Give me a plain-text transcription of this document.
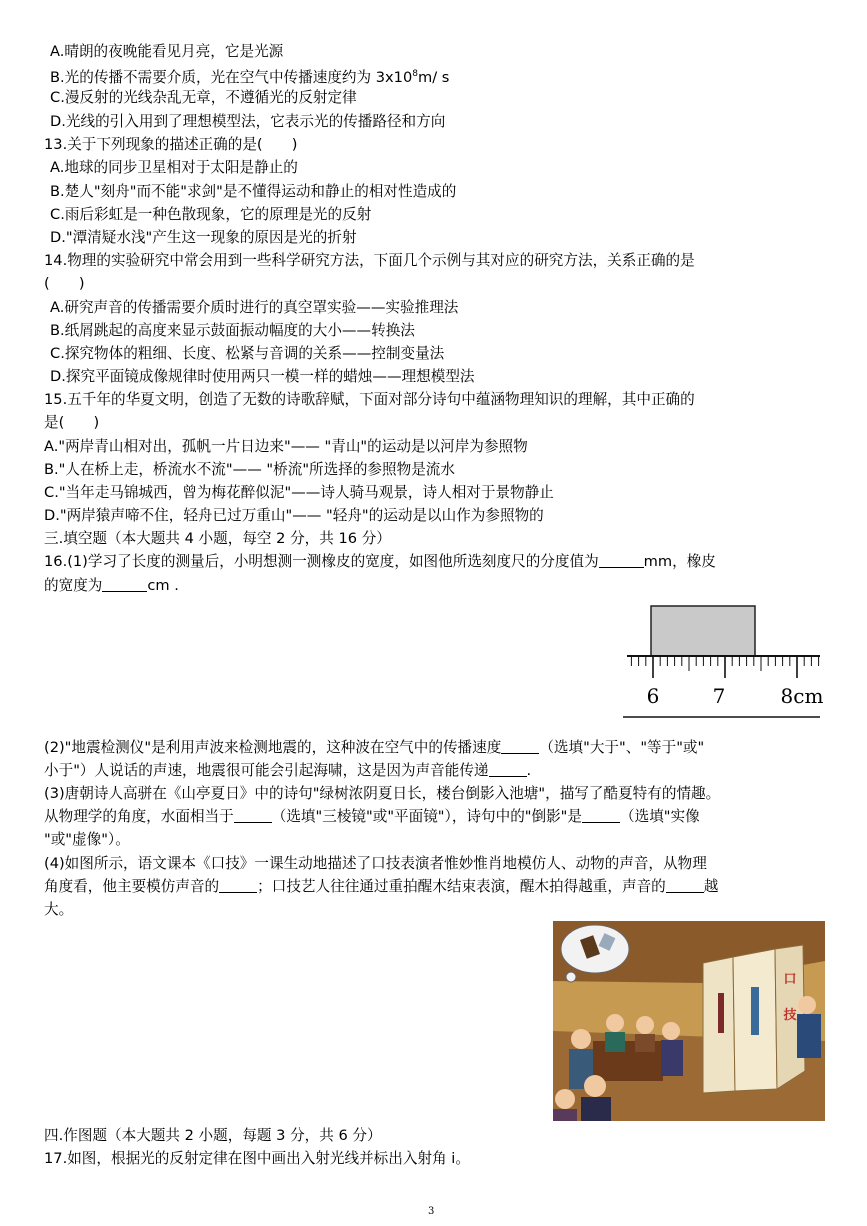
A.晴朗的夜晚能看见月亮，它是光源
B.光的传播不需要介质，光在空气中传播速度约为 $3x10^8m/$ s
C.漫反射的光线杂乱无章，不遵循光的反射定律
D.光线的引入用到了理想模型法，它表示光的传播路径和方向
13.关于下列现象的描述正确的是(　　)
A.地球的同步卫星相对于太阳是静止的
B.楚人"刻舟"而不能"求剑"是不懂得运动和静止的相对性造成的
C.雨后彩虹是一种色散现象，它的原理是光的反射
D."潭清疑水浅"产生这一现象的原因是光的折射
14.物理的实验研究中常会用到一些科学研究方法，下面几个示例与其对应的研究方法，关系正确的是
(　　)
A.研究声音的传播需要介质时进行的真空罩实验——实验推理法
B.纸屑跳起的高度来显示鼓面振动幅度的大小——转换法
C.探究物体的粗细、长度、松紧与音调的关系——控制变量法
D.探究平面镜成像规律时使用两只一模一样的蜡烛——理想模型法
15.五千年的华夏文明，创造了无数的诗歌辞赋，下面对部分诗句中蕴涵物理知识的理解，其中正确的
是(　　)
A."两岸青山相对出，孤帆一片日边来"—— "青山"的运动是以河岸为参照物
B."人在桥上走，桥流水不流"—— "桥流"所选择的参照物是流水
C."当年走马锦城西，曾为梅花醉似泥"——诗人骑马观景，诗人相对于景物静止
D."两岸猿声啼不住，轻舟已过万重山"—— "轻舟"的运动是以山作为参照物的
三.填空题（本大题共 4 小题，每空 2 分，共 16 分）
16.(1)学习了长度的测量后，小明想测一测橡皮的宽度，如图他所选刻度尺的分度值为	mm，橡皮
的宽度为	cm .
6	7	8cm
(2)"地震检测仪"是利用声波来检测地震的，这种波在空气中的传播速度	（选填"大于"、"等于"或"
小于"）人说话的声速，地震很可能会引起海啸，这是因为声音能传递	.
(3)唐朝诗人高骈在《山亭夏日》中的诗句"绿树浓阴夏日长，楼台倒影入池塘"，描写了酷夏特有的情趣。
从物理学的角度，水面相当于	（选填"三棱镜"或"平面镜"），诗句中的"倒影"是	（选填"实像
"或"虚像"）。
(4)如图所示，语文课本《口技》一课生动地描述了口技表演者惟妙惟肖地模仿人、动物的声音，从物理
角度看，他主要模仿声音的	；口技艺人往往通过重拍醒木结束表演，醒木拍得越重，声音的	越
大。
口
技
四.作图题（本大题共 2 小题，每题 3 分，共 6 分）
17.如图，根据光的反射定律在图中画出入射光线并标出入射角 i。
3
